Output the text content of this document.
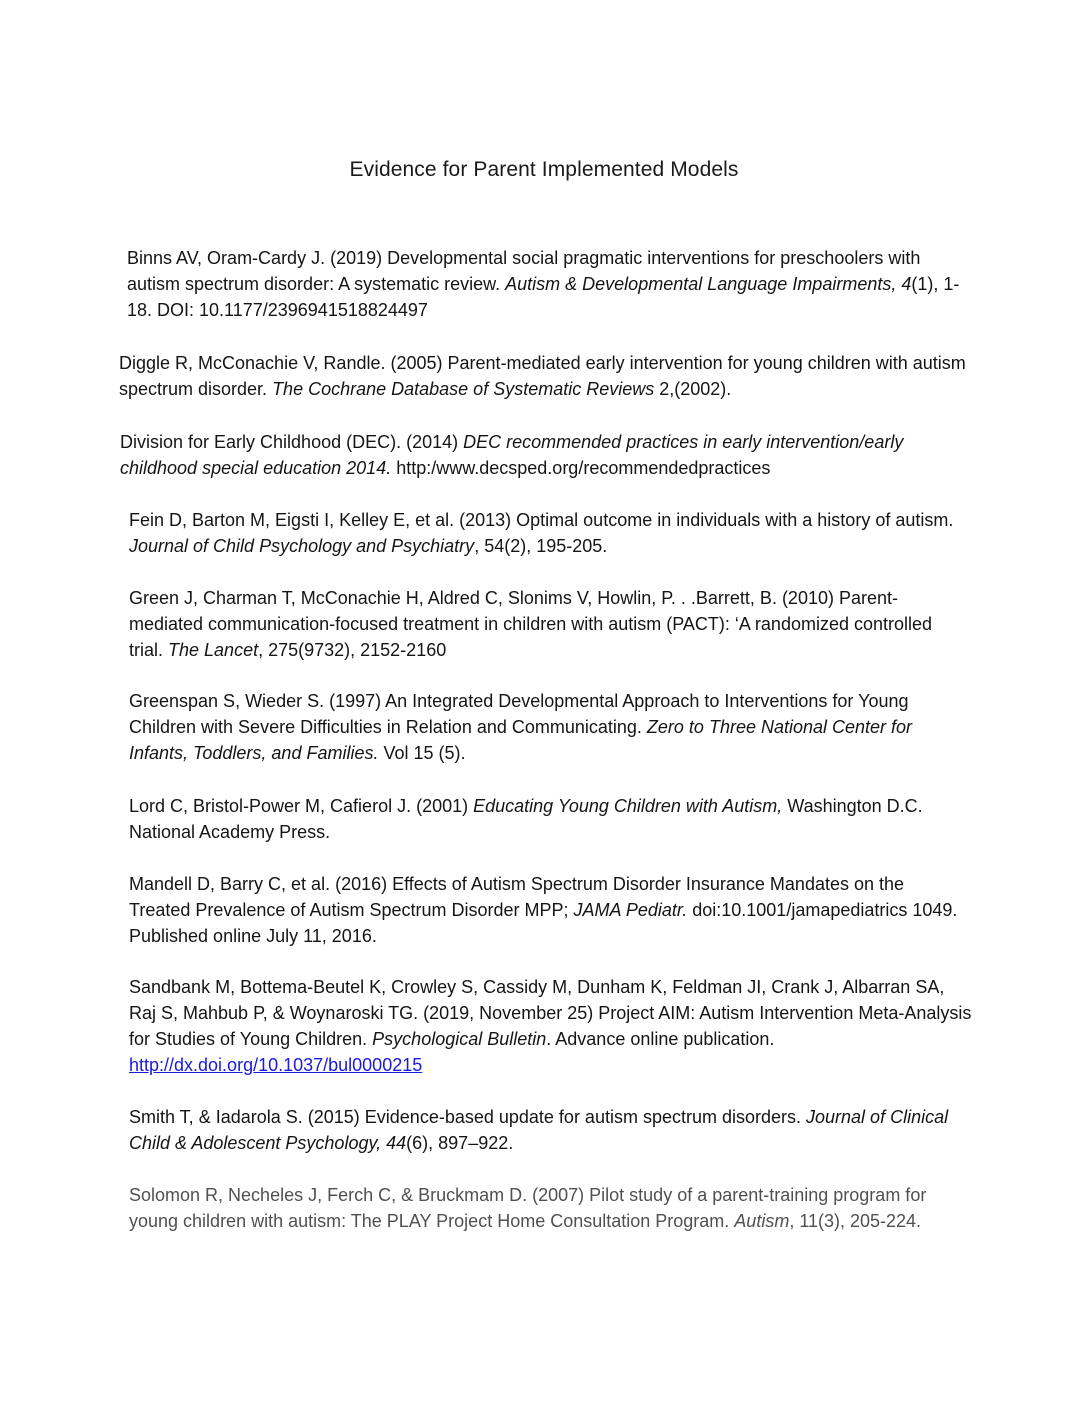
Evidence for Parent Implemented Models

Binns AV, Oram-Cardy J. (2019) Developmental social pragmatic interventions for preschoolers with autism spectrum disorder: A systematic review. Autism & Developmental Language Impairments, 4(1), 1-18. DOI: 10.1177/2396941518824497

Diggle R, McConachie V, Randle. (2005) Parent-mediated early intervention for young children with autism spectrum disorder. The Cochrane Database of Systematic Reviews 2,(2002).

Division for Early Childhood (DEC). (2014) DEC recommended practices in early intervention/early childhood special education 2014. http:/www.decsped.org/recommendedpractices

Fein D, Barton M, Eigsti I, Kelley E, et al. (2013) Optimal outcome in individuals with a history of autism. Journal of Child Psychology and Psychiatry, 54(2), 195-205.

Green J, Charman T, McConachie H, Aldred C, Slonims V, Howlin, P. . .Barrett, B. (2010) Parent-mediated communication-focused treatment in children with autism (PACT): ‘A randomized controlled trial. The Lancet, 275(9732), 2152-2160

Greenspan S, Wieder S. (1997) An Integrated Developmental Approach to Interventions for Young Children with Severe Difficulties in Relation and Communicating. Zero to Three National Center for Infants, Toddlers, and Families. Vol 15 (5).

Lord C, Bristol-Power M, Cafierol J. (2001) Educating Young Children with Autism, Washington D.C. National Academy Press.

Mandell D, Barry C, et al. (2016) Effects of Autism Spectrum Disorder Insurance Mandates on the Treated Prevalence of Autism Spectrum Disorder MPP; JAMA Pediatr. doi:10.1001/jamapediatrics 1049. Published online July 11, 2016.

Sandbank M, Bottema-Beutel K, Crowley S, Cassidy M, Dunham K, Feldman JI, Crank J, Albarran SA, Raj S, Mahbub P, & Woynaroski TG. (2019, November 25) Project AIM: Autism Intervention Meta-Analysis for Studies of Young Children. Psychological Bulletin. Advance online publication. http://dx.doi.org/10.1037/bul0000215

Smith T, & Iadarola S. (2015) Evidence-based update for autism spectrum disorders. Journal of Clinical Child & Adolescent Psychology, 44(6), 897–922.

Solomon R, Necheles J, Ferch C, & Bruckmam D. (2007) Pilot study of a parent-training program for young children with autism: The PLAY Project Home Consultation Program. Autism, 11(3), 205-224.
